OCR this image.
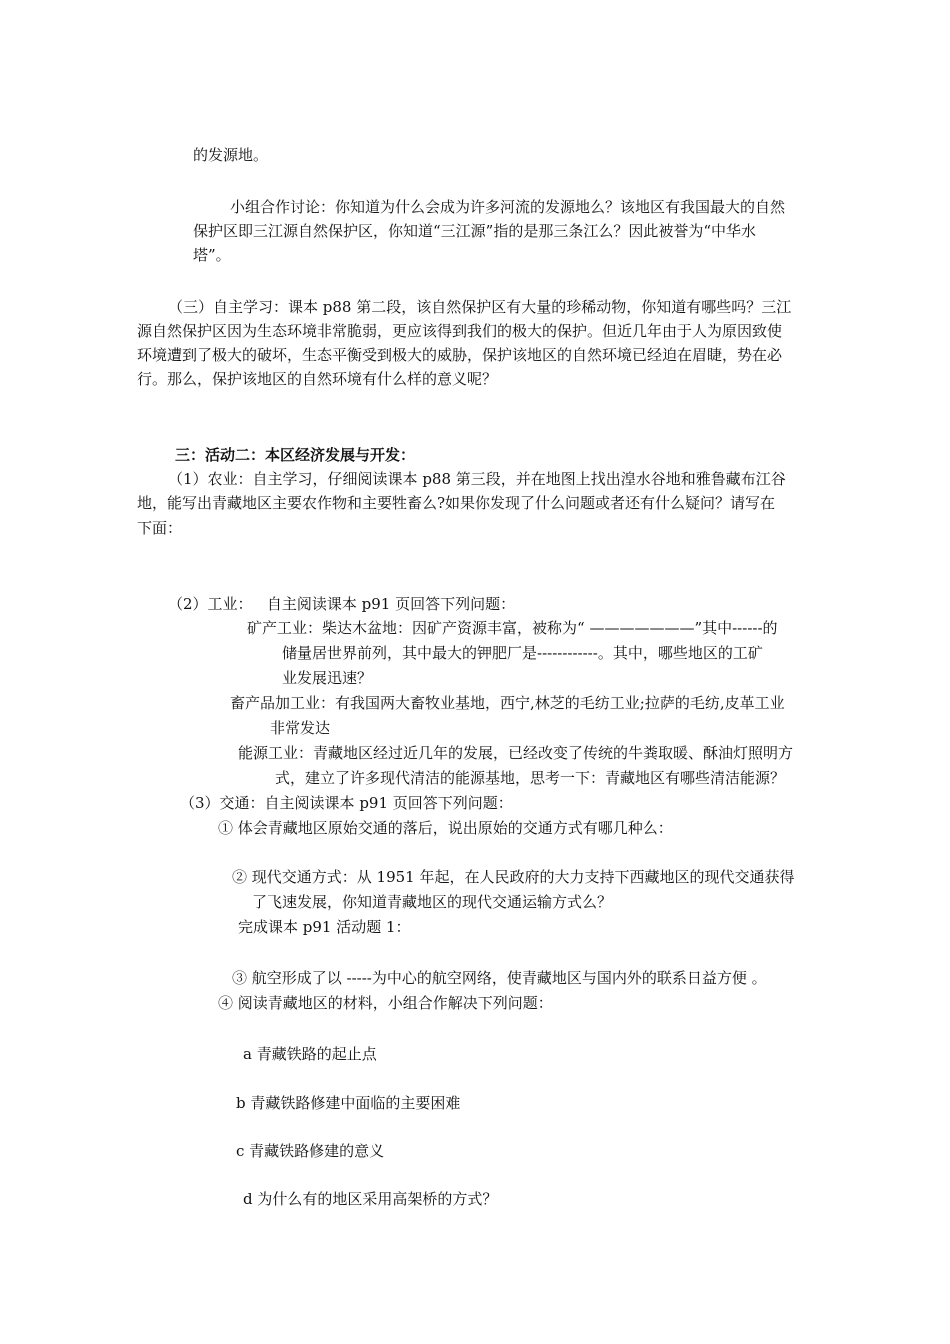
的发源地。
小组合作讨论：你知道为什么会成为许多河流的发源地么？该地区有我国最大的自然
保护区即三江源自然保护区，你知道“三江源”指的是那三条江么？因此被誉为“中华水
塔”。
（三）自主学习：课本 p88 第二段，该自然保护区有大量的珍稀动物，你知道有哪些吗？三江
源自然保护区因为生态环境非常脆弱，更应该得到我们的极大的保护。但近几年由于人为原因致使
环境遭到了极大的破坏，生态平衡受到极大的威胁，保护该地区的自然环境已经迫在眉睫，势在必
行。那么，保护该地区的自然环境有什么样的意义呢？
三：活动二：本区经济发展与开发：
（1）农业：自主学习，仔细阅读课本 p88 第三段，并在地图上找出湟水谷地和雅鲁藏布江谷
地，能写出青藏地区主要农作物和主要牲畜么?如果你发现了什么问题或者还有什么疑问？请写在
下面：
（2）工业：   自主阅读课本 p91 页回答下列问题：
矿产工业：柴达木盆地：因矿产资源丰富，被称为“ ———————”其中------的
储量居世界前列，其中最大的钾肥厂是------------。其中，哪些地区的工矿
业发展迅速？
畜产品加工业：有我国两大畜牧业基地，西宁,林芝的毛纺工业;拉萨的毛纺,皮革工业
非常发达
能源工业：青藏地区经过近几年的发展，已经改变了传统的牛粪取暖、酥油灯照明方
式，建立了许多现代清洁的能源基地，思考一下：青藏地区有哪些清洁能源？
（3）交通：自主阅读课本 p91 页回答下列问题：
① 体会青藏地区原始交通的落后，说出原始的交通方式有哪几种么：
② 现代交通方式：从 1951 年起，在人民政府的大力支持下西藏地区的现代交通获得
了飞速发展，你知道青藏地区的现代交通运输方式么？
完成课本 p91 活动题 1：
③ 航空形成了以 -----为中心的航空网络，使青藏地区与国内外的联系日益方便 。
④ 阅读青藏地区的材料，小组合作解决下列问题：
a 青藏铁路的起止点
b 青藏铁路修建中面临的主要困难
c 青藏铁路修建的意义
d 为什么有的地区采用高架桥的方式？
